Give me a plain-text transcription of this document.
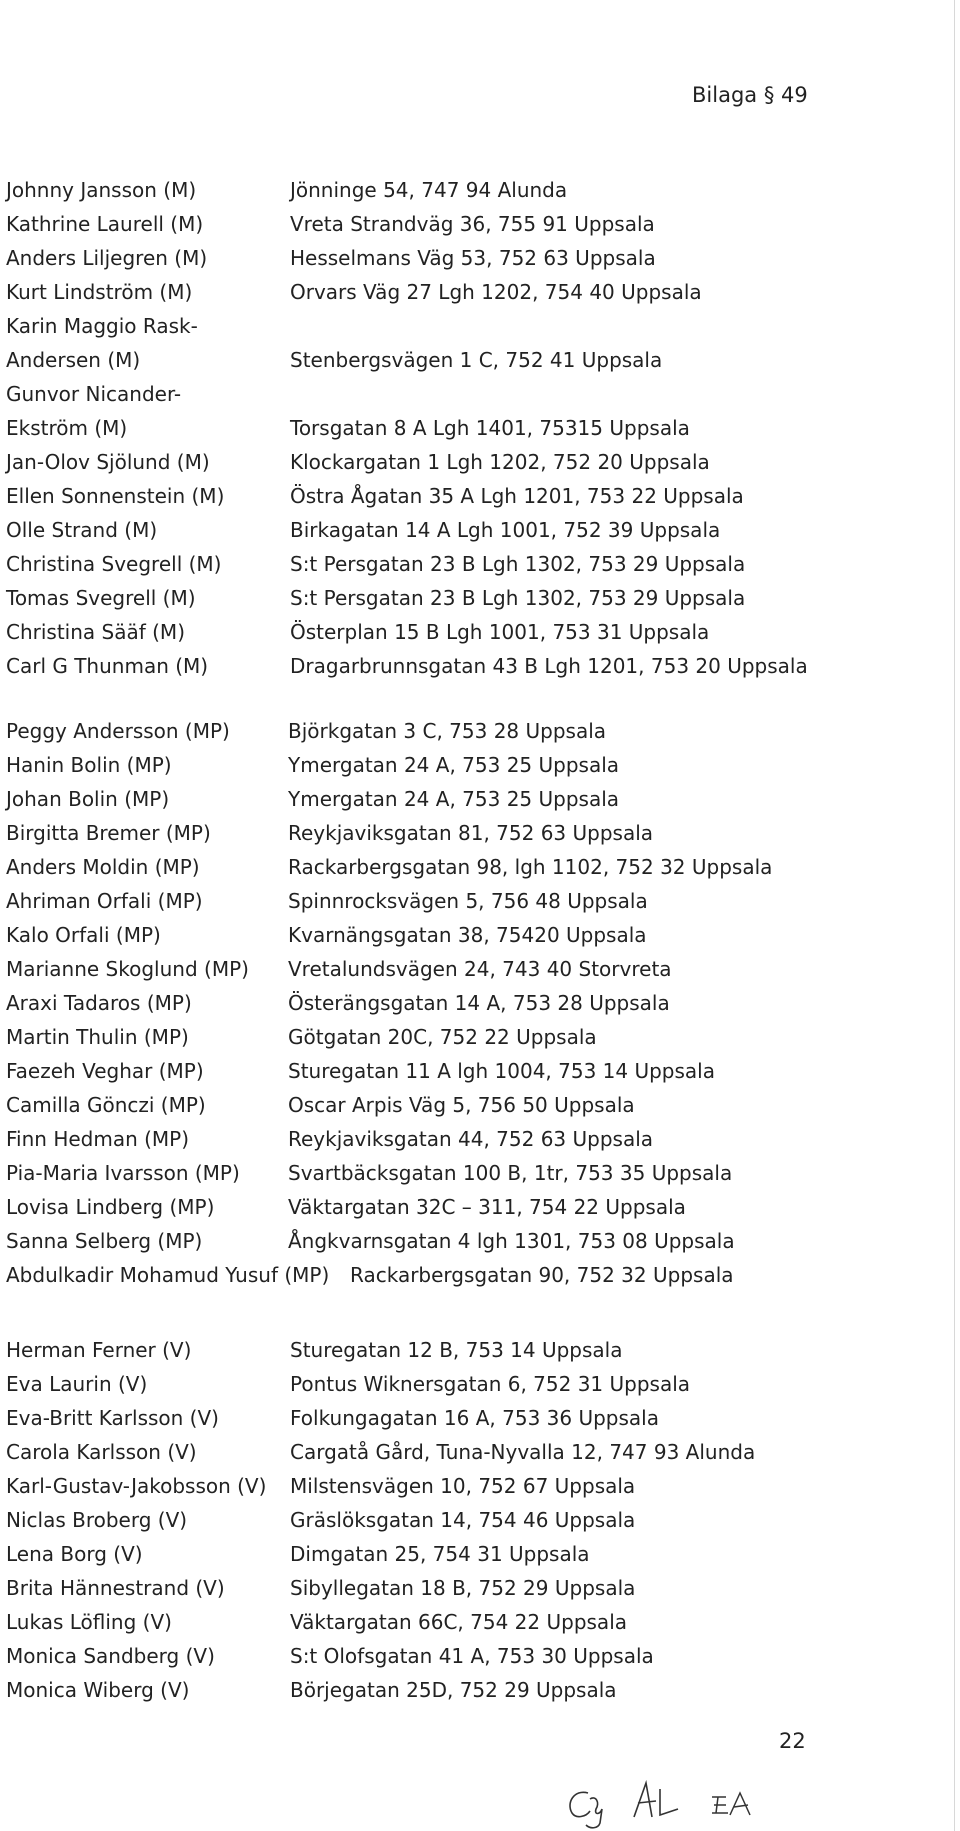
Bilaga § 49
Johnny Jansson (M)	Jönninge 54, 747 94 Alunda
Kathrine Laurell (M)	Vreta Strandväg 36, 755 91 Uppsala
Anders Liljegren (M)	Hesselmans Väg 53, 752 63 Uppsala
Kurt Lindström (M)	Orvars Väg 27 Lgh 1202, 754 40 Uppsala
Karin Maggio Rask-
Andersen (M)	Stenbergsvägen 1 C, 752 41 Uppsala
Gunvor Nicander-
Ekström (M)	Torsgatan 8 A Lgh 1401, 75315 Uppsala
Jan-Olov Sjölund (M)	Klockargatan 1 Lgh 1202, 752 20 Uppsala
Ellen Sonnenstein (M)	Östra Ågatan 35 A Lgh 1201, 753 22 Uppsala
Olle Strand (M)	Birkagatan 14 A Lgh 1001, 752 39 Uppsala
Christina Svegrell (M)	S:t Persgatan 23 B Lgh 1302, 753 29 Uppsala
Tomas Svegrell (M)	S:t Persgatan 23 B Lgh 1302, 753 29 Uppsala
Christina Sääf (M)	Österplan 15 B Lgh 1001, 753 31 Uppsala
Carl G Thunman (M)	Dragarbrunnsgatan 43 B Lgh 1201, 753 20 Uppsala
Peggy Andersson (MP)	Björkgatan 3 C, 753 28 Uppsala
Hanin Bolin (MP)	Ymergatan 24 A, 753 25 Uppsala
Johan Bolin (MP)	Ymergatan 24 A, 753 25 Uppsala
Birgitta Bremer (MP)	Reykjaviksgatan 81, 752 63 Uppsala
Anders Moldin (MP)	Rackarbergsgatan 98, lgh 1102, 752 32 Uppsala
Ahriman Orfali (MP)	Spinnrocksvägen 5, 756 48 Uppsala
Kalo Orfali (MP)	Kvarnängsgatan 38, 75420 Uppsala
Marianne Skoglund (MP) Vretalundsvägen 24, 743 40 Storvreta
Araxi Tadaros (MP)	Österängsgatan 14 A, 753 28 Uppsala
Martin Thulin (MP)	Götgatan 20C, 752 22 Uppsala
Faezeh Veghar (MP)	Sturegatan 11 A lgh 1004, 753 14 Uppsala
Camilla Gönczi (MP)	Oscar Arpis Väg 5, 756 50 Uppsala
Finn Hedman (MP)	Reykjaviksgatan 44, 752 63 Uppsala
Pia-Maria Ivarsson (MP) Svartbäcksgatan 100 B, 1tr, 753 35 Uppsala
Lovisa Lindberg (MP)	Väktargatan 32C – 311, 754 22 Uppsala
Sanna Selberg (MP)	Ångkvarnsgatan 4 lgh 1301, 753 08 Uppsala
Abdulkadir Mohamud Yusuf (MP) Rackarbergsgatan 90, 752 32 Uppsala
Herman Ferner (V)	Sturegatan 12 B, 753 14 Uppsala
Eva Laurin (V)	Pontus Wiknersgatan 6, 752 31 Uppsala
Eva-Britt Karlsson (V)	Folkungagatan 16 A, 753 36 Uppsala
Carola Karlsson (V)	Cargatå Gård, Tuna-Nyvalla 12, 747 93 Alunda
Karl-Gustav-Jakobsson (V) Milstensvägen 10, 752 67 Uppsala
Niclas Broberg (V)	Gräslöksgatan 14, 754 46 Uppsala
Lena Borg (V)	Dimgatan 25, 754 31 Uppsala
Brita Hännestrand (V)	Sibyllegatan 18 B, 752 29 Uppsala
Lukas Löfling (V)	Väktargatan 66C, 754 22 Uppsala
Monica Sandberg (V)	S:t Olofsgatan 41 A, 753 30 Uppsala
Monica Wiberg (V)	Börjegatan 25D, 752 29 Uppsala
22
